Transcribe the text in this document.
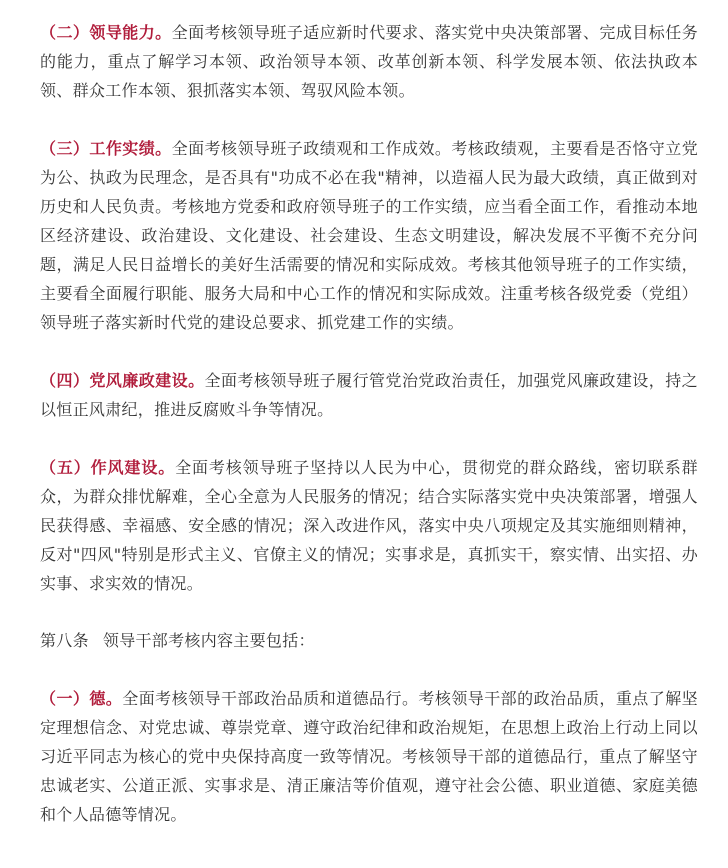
（二）领导能力。全面考核领导班子适应新时代要求、落实党中央决策部署、完成目标任务的能力，重点了解学习本领、政治领导本领、改革创新本领、科学发展本领、依法执政本领、群众工作本领、狠抓落实本领、驾驭风险本领。

（三）工作实绩。全面考核领导班子政绩观和工作成效。考核政绩观，主要看是否恪守立党为公、执政为民理念，是否具有"功成不必在我"精神，以造福人民为最大政绩，真正做到对历史和人民负责。考核地方党委和政府领导班子的工作实绩，应当看全面工作，看推动本地区经济建设、政治建设、文化建设、社会建设、生态文明建设，解决发展不平衡不充分问题，满足人民日益增长的美好生活需要的情况和实际成效。考核其他领导班子的工作实绩，主要看全面履行职能、服务大局和中心工作的情况和实际成效。注重考核各级党委（党组）领导班子落实新时代党的建设总要求、抓党建工作的实绩。

（四）党风廉政建设。全面考核领导班子履行管党治党政治责任，加强党风廉政建设，持之以恒正风肃纪，推进反腐败斗争等情况。

（五）作风建设。全面考核领导班子坚持以人民为中心，贯彻党的群众路线，密切联系群众，为群众排忧解难，全心全意为人民服务的情况；结合实际落实党中央决策部署，增强人民获得感、幸福感、安全感的情况；深入改进作风，落实中央八项规定及其实施细则精神，反对"四风"特别是形式主义、官僚主义的情况；实事求是，真抓实干，察实情、出实招、办实事、求实效的情况。

第八条 领导干部考核内容主要包括：

（一）德。全面考核领导干部政治品质和道德品行。考核领导干部的政治品质，重点了解坚定理想信念、对党忠诚、尊崇党章、遵守政治纪律和政治规矩，在思想上政治上行动上同以习近平同志为核心的党中央保持高度一致等情况。考核领导干部的道德品行，重点了解坚守忠诚老实、公道正派、实事求是、清正廉洁等价值观，遵守社会公德、职业道德、家庭美德和个人品德等情况。
